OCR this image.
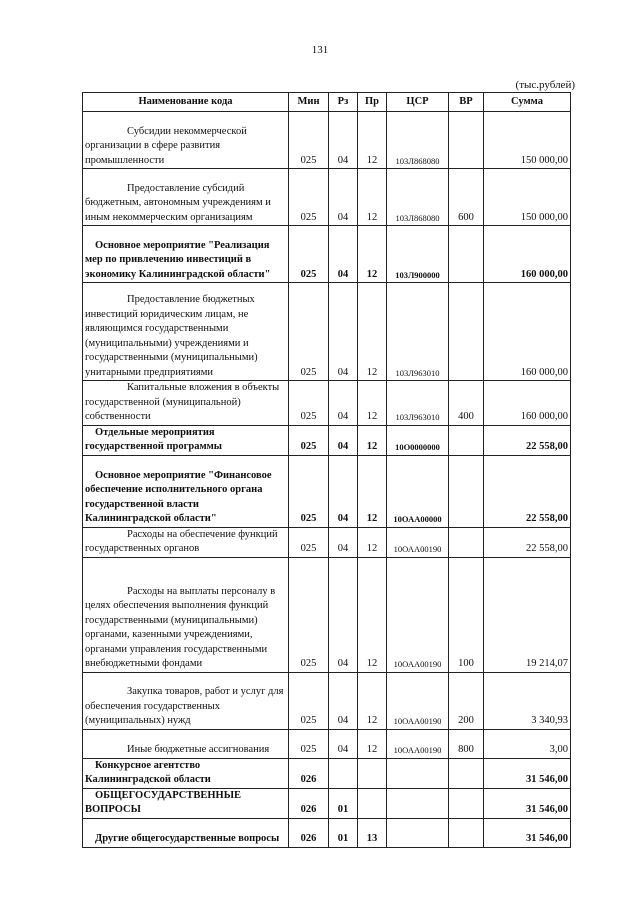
131
(тыс.рублей)
Наименование кода	Мин	Рз	Пр	ЦСР	ВР	Сумма

Субсидии некоммерческой организации в сфере развития промышленности	025	04	12	103Л868080		150 000,00

Предоставление субсидий бюджетным, автономным учреждениям и иным некоммерческим организациям	025	04	12	103Л868080	600	150 000,00

Основное мероприятие "Реализация мер по привлечению инвестиций в экономику Калининградской области"	025	04	12	103Л900000		160 000,00

Предоставление бюджетных инвестиций юридическим лицам, не являющимся государственными (муниципальными) учреждениями и государственными (муниципальными) унитарными предприятиями	025	04	12	103Л963010		160 000,00

Капитальные вложения в объекты государственной (муниципальной) собственности	025	04	12	103Л963010	400	160 000,00

Отдельные мероприятия государственной программы	025	04	12	10О0000000		22 558,00

Основное мероприятие "Финансовое обеспечение исполнительного органа государственной власти Калининградской области"	025	04	12	10ОАА00000		22 558,00

Расходы на обеспечение функций государственных органов	025	04	12	10ОАА00190		22 558,00

Расходы на выплаты персоналу в целях обеспечения выполнения функций государственными (муниципальными) органами, казенными учреждениями, органами управления государственными внебюджетными фондами	025	04	12	10ОАА00190	100	19 214,07

Закупка товаров, работ и услуг для обеспечения государственных (муниципальных) нужд	025	04	12	10ОАА00190	200	3 340,93

Иные бюджетные ассигнования	025	04	12	10ОАА00190	800	3,00

Конкурсное агентство Калининградской области	026					31 546,00

ОБЩЕГОСУДАРСТВЕННЫЕ ВОПРОСЫ	026	01				31 546,00

Другие общегосударственные вопросы	026	01	13			31 546,00
